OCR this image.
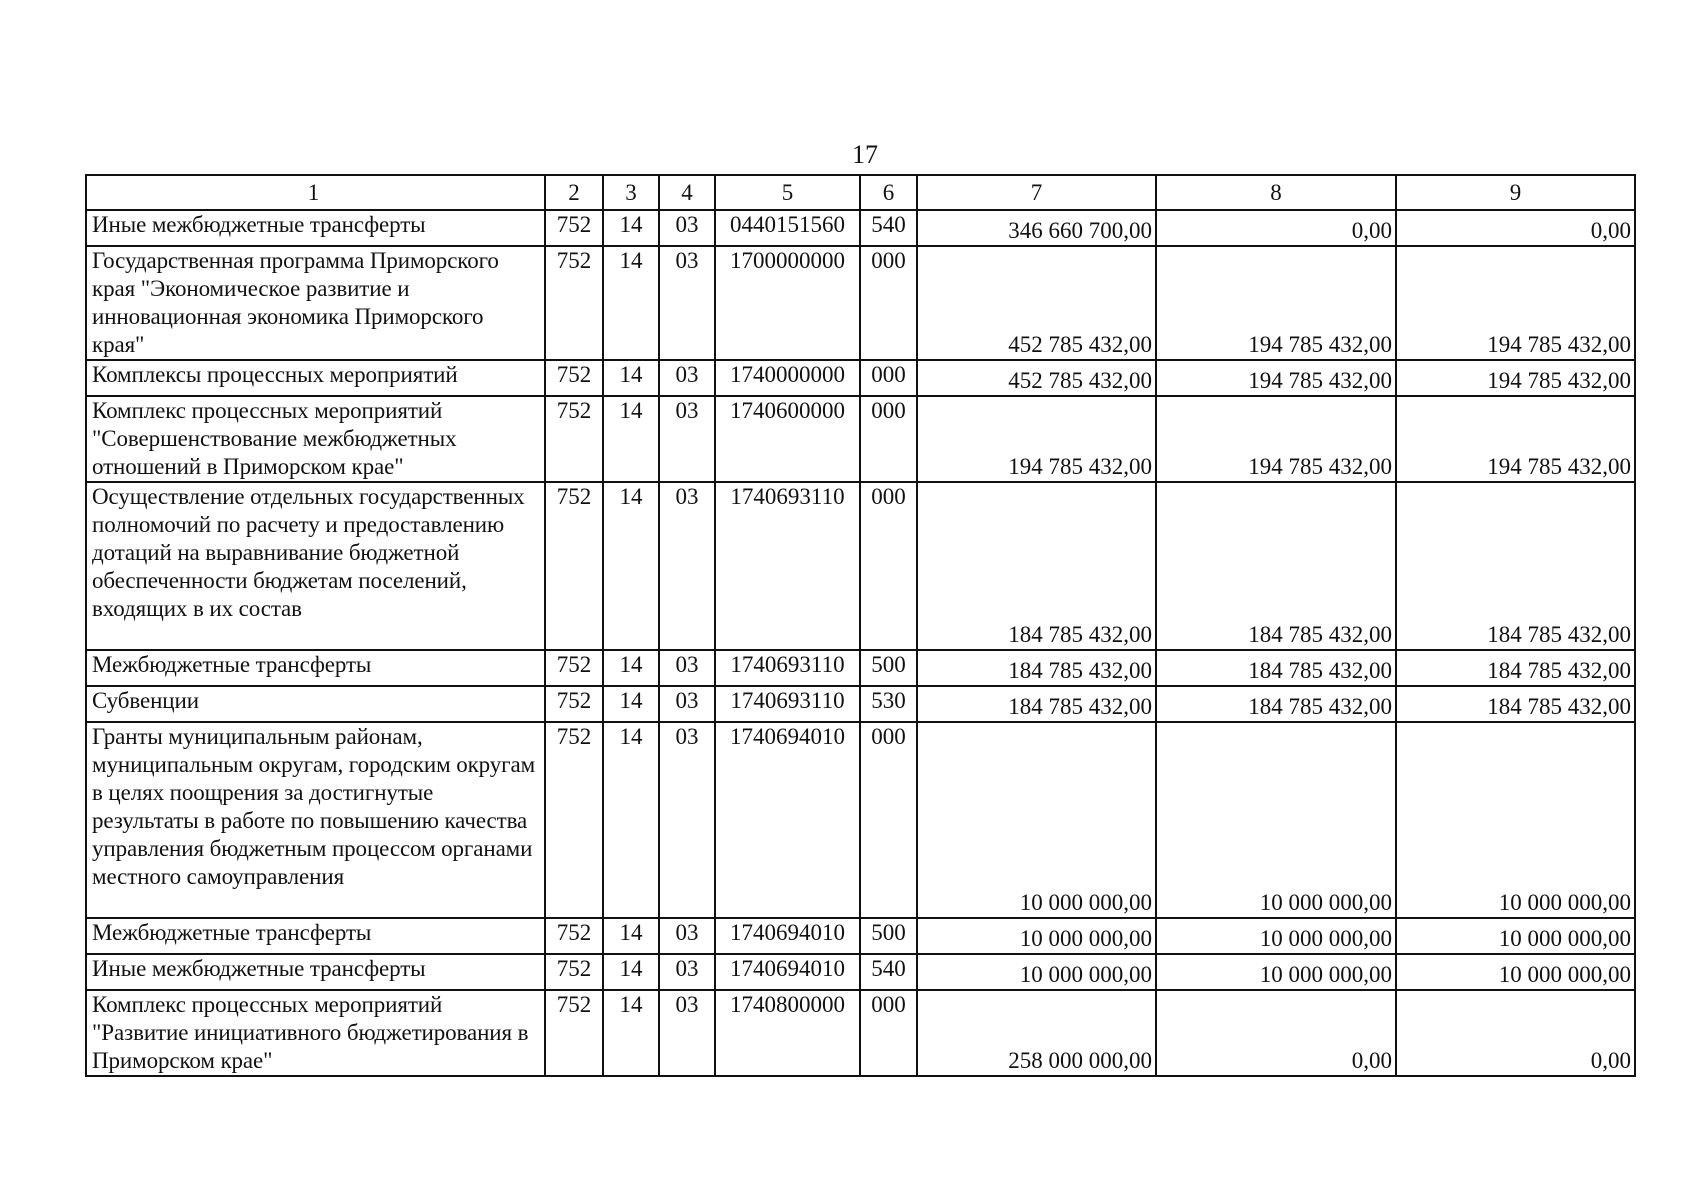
17
1	2	3	4	5	6	7	8	9
Иные межбюджетные трансферты	752	14	03	0440151560	540	346 660 700,00	0,00	0,00
Государственная программа Приморского края "Экономическое развитие и инновационная экономика Приморского края"	752	14	03	1700000000	000	452 785 432,00	194 785 432,00	194 785 432,00
Комплексы процессных мероприятий	752	14	03	1740000000	000	452 785 432,00	194 785 432,00	194 785 432,00
Комплекс процессных мероприятий "Совершенствование межбюджетных отношений в Приморском крае"	752	14	03	1740600000	000	194 785 432,00	194 785 432,00	194 785 432,00
Осуществление отдельных государственных полномочий по расчету и предоставлению дотаций на выравнивание бюджетной обеспеченности бюджетам поселений, входящих в их состав	752	14	03	1740693110	000	184 785 432,00	184 785 432,00	184 785 432,00
Межбюджетные трансферты	752	14	03	1740693110	500	184 785 432,00	184 785 432,00	184 785 432,00
Субвенции	752	14	03	1740693110	530	184 785 432,00	184 785 432,00	184 785 432,00
Гранты муниципальным районам, муниципальным округам, городским округам в целях поощрения за достигнутые результаты в работе по повышению качества управления бюджетным процессом органами местного самоуправления	752	14	03	1740694010	000	10 000 000,00	10 000 000,00	10 000 000,00
Межбюджетные трансферты	752	14	03	1740694010	500	10 000 000,00	10 000 000,00	10 000 000,00
Иные межбюджетные трансферты	752	14	03	1740694010	540	10 000 000,00	10 000 000,00	10 000 000,00
Комплекс процессных мероприятий "Развитие инициативного бюджетирования в Приморском крае"	752	14	03	1740800000	000	258 000 000,00	0,00	0,00
